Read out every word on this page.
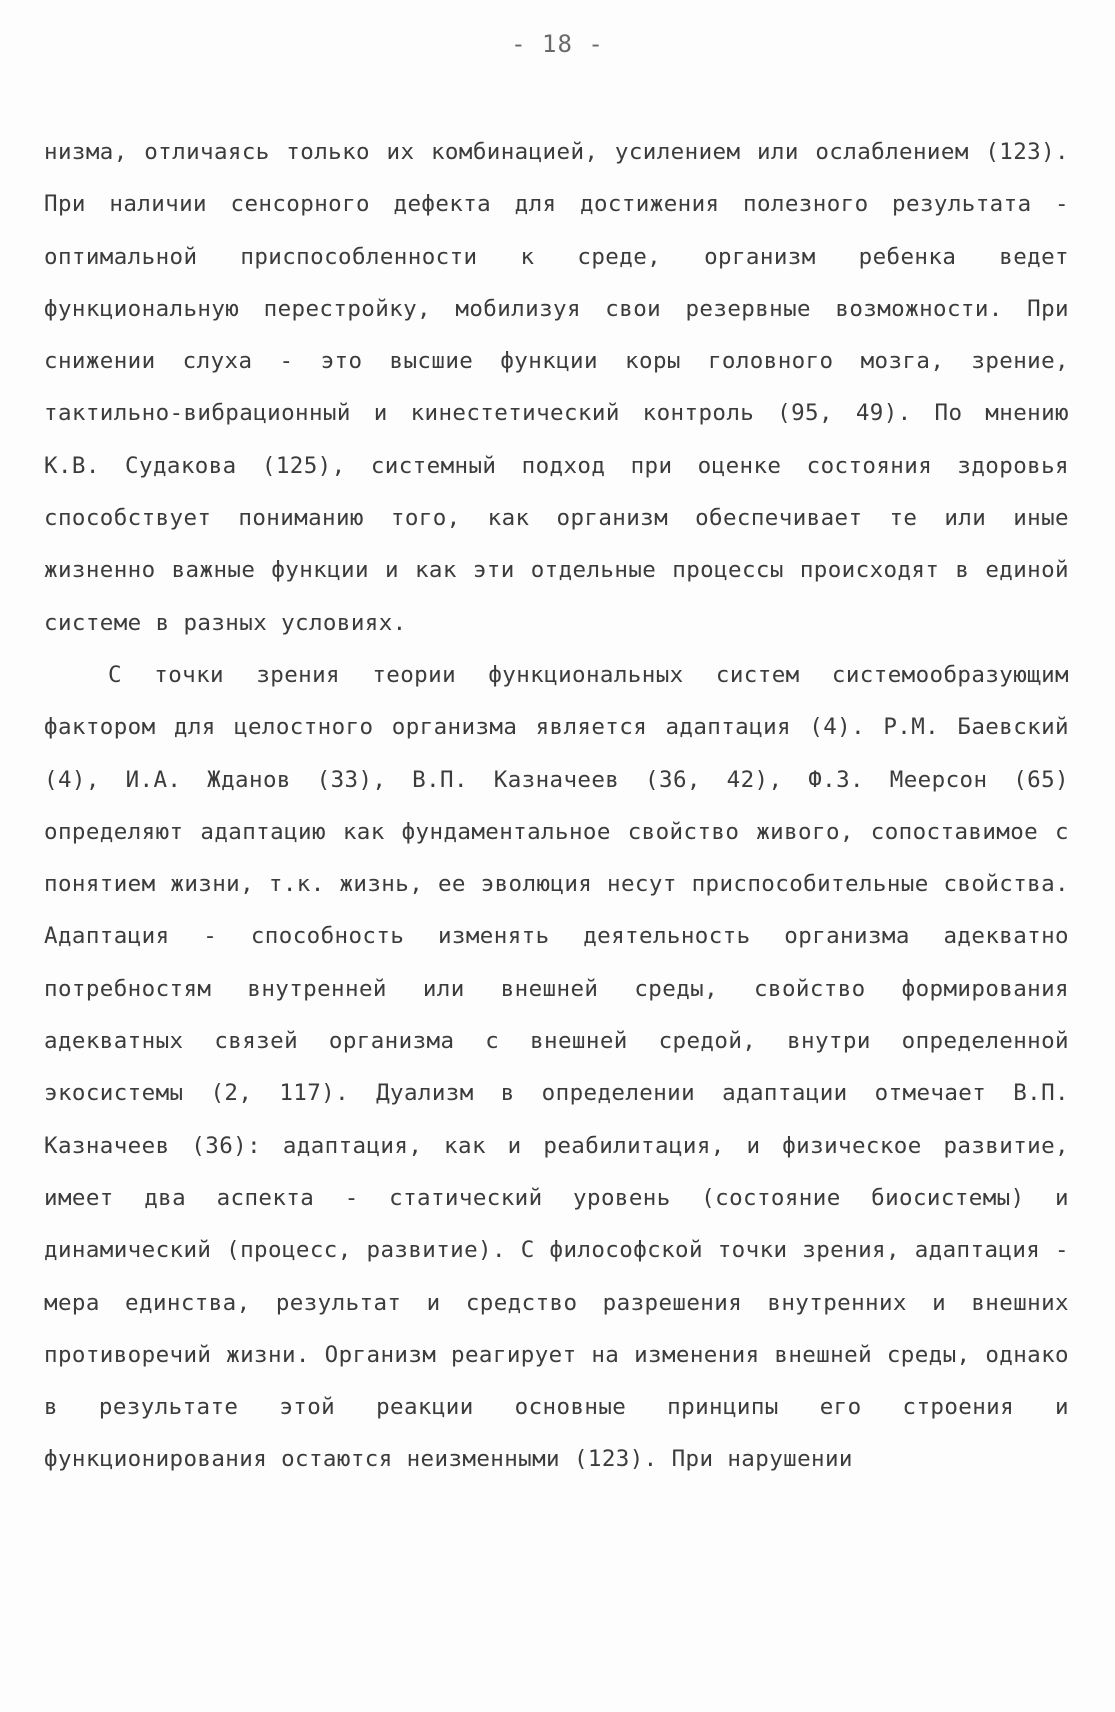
- 18 -

низма, отличаясь только их комбинацией, усилением или ослаблением (123). При наличии сенсорного дефекта для достижения полезного результата - оптимальной приспособленности к среде, организм ребенка ведет функциональную перестройку, мобилизуя свои резервные возможности. При снижении слуха - это высшие функции коры головного мозга, зрение, тактильно-вибрационный и кинестетический контроль (95, 49). По мнению К.В. Судакова (125), системный подход при оценке состояния здоровья способствует пониманию того, как организм обеспечивает те или иные жизненно важные функции и как эти отдельные процессы происходят в единой системе в разных условиях.

С точки зрения теории функциональных систем системообразующим фактором для целостного организма является адаптация (4). Р.М. Баевский (4), И.А. Жданов (33), В.П. Казначеев (36, 42), Ф.З. Меерсон (65) определяют адаптацию как фундаментальное свойство живого, сопоставимое с понятием жизни, т.к. жизнь, ее эволюция несут приспособительные свойства. Адаптация - способность изменять деятельность организма адекватно потребностям внутренней или внешней среды, свойство формирования адекватных связей организма с внешней средой, внутри определенной экосистемы (2, 117). Дуализм в определении адаптации отмечает В.П. Казначеев (36): адаптация, как и реабилитация, и физическое развитие, имеет два аспекта - статический уровень (состояние биосистемы) и динамический (процесс, развитие). С философской точки зрения, адаптация - мера единства, результат и средство разрешения внутренних и внешних противоречий жизни. Организм реагирует на изменения внешней среды, однако в результате этой реакции основные принципы его строения и функционирования остаются неизменными (123). При нарушении
